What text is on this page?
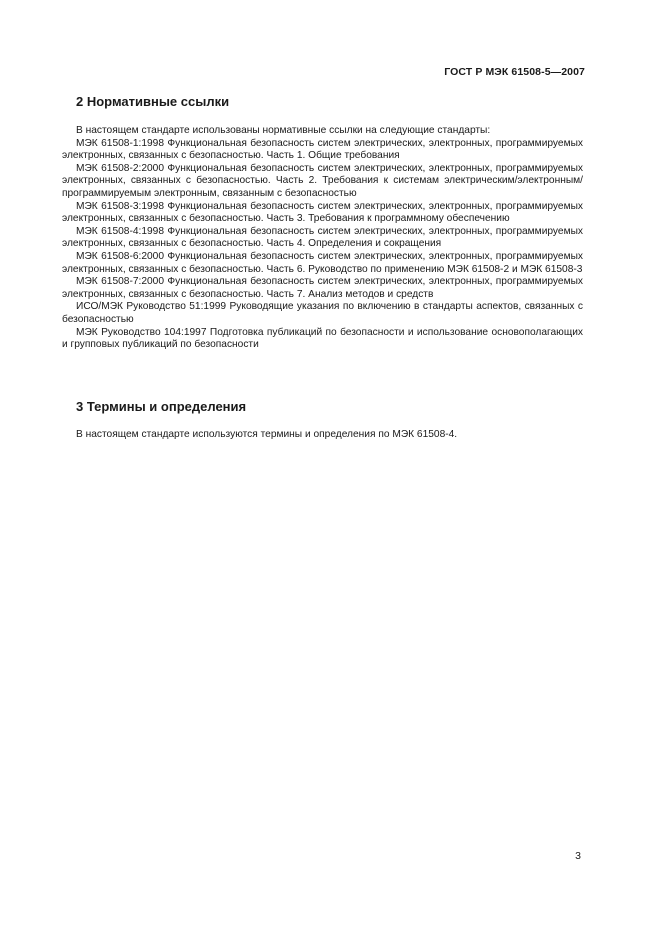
ГОСТ Р МЭК 61508-5—2007
2 Нормативные ссылки

В настоящем стандарте использованы нормативные ссылки на следующие стандарты:

МЭК 61508-1:1998 Функциональная безопасность систем электрических, электронных, программируемых электронных, связанных с безопасностью. Часть 1. Общие требования

МЭК 61508-2:2000 Функциональная безопасность систем электрических, электронных, программируемых электронных, связанных с безопасностью. Часть 2. Требования к системам электрическим/электронным/ программируемым электронным, связанным с безопасностью

МЭК 61508-3:1998 Функциональная безопасность систем электрических, электронных, программируемых электронных, связанных с безопасностью. Часть 3. Требования к программному обеспечению

МЭК 61508-4:1998 Функциональная безопасность систем электрических, электронных, программируемых электронных, связанных с безопасностью. Часть 4. Определения и сокращения

МЭК 61508-6:2000 Функциональная безопасность систем электрических, электронных, программируемых электронных, связанных с безопасностью. Часть 6. Руководство по применению МЭК 61508-2 и МЭК 61508-3

МЭК 61508-7:2000 Функциональная безопасность систем электрических, электронных, программируемых электронных, связанных с безопасностью. Часть 7. Анализ методов и средств

ИСО/МЭК Руководство 51:1999 Руководящие указания по включению в стандарты аспектов, связанных с безопасностью

МЭК Руководство 104:1997 Подготовка публикаций по безопасности и использование основополагающих и групповых публикаций по безопасности

3 Термины и определения

В настоящем стандарте используются термины и определения по МЭК 61508-4.

3
